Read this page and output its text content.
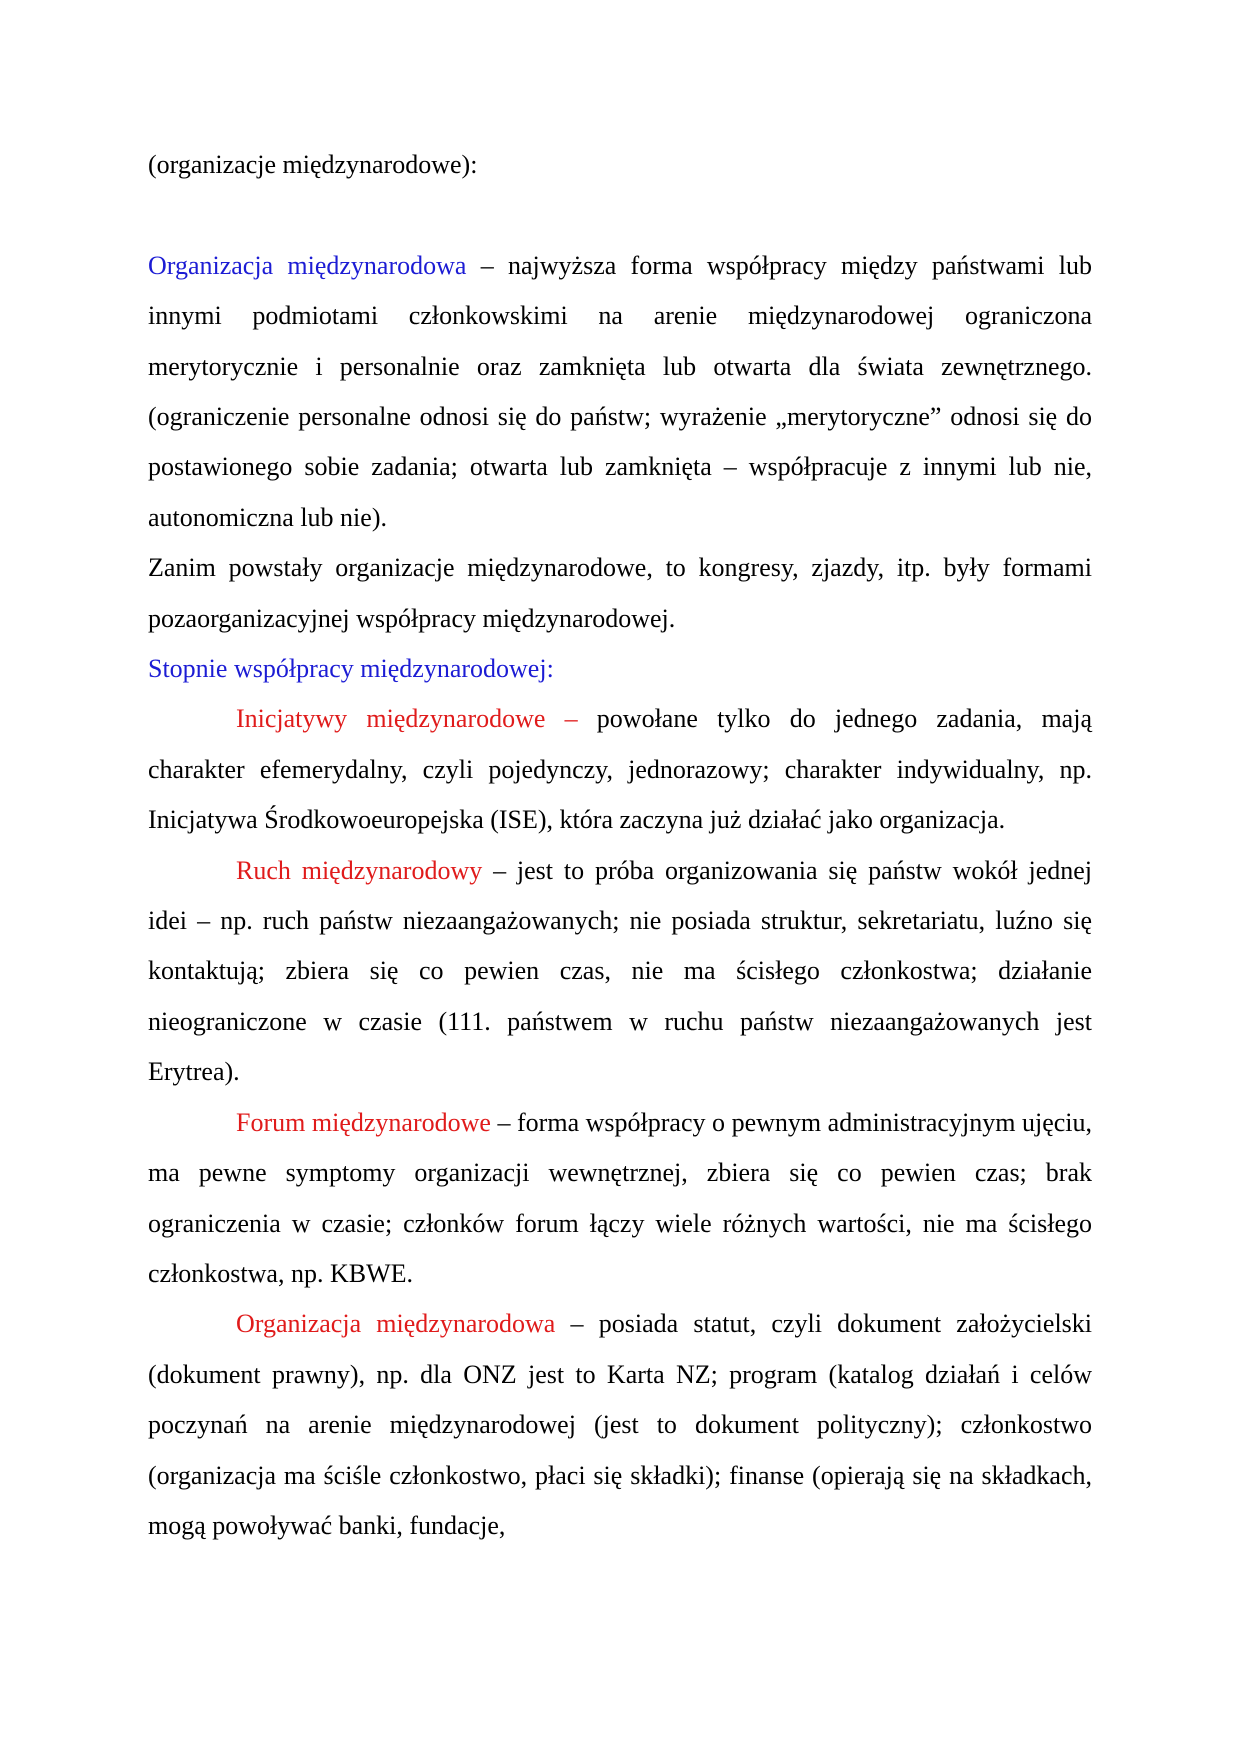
(organizacje międzynarodowe):

Organizacja międzynarodowa – najwyższa forma współpracy między państwami lub innymi podmiotami członkowskimi na arenie międzynarodowej ograniczona merytorycznie i personalnie oraz zamknięta lub otwarta dla świata zewnętrznego. (ograniczenie personalne odnosi się do państw; wyrażenie „merytoryczne” odnosi się do postawionego sobie zadania; otwarta lub zamknięta – współpracuje z innymi lub nie, autonomiczna lub nie).

Zanim powstały organizacje międzynarodowe, to kongresy, zjazdy, itp. były formami pozaorganizacyjnej współpracy międzynarodowej.

Stopnie współpracy międzynarodowej:

Inicjatywy międzynarodowe – powołane tylko do jednego zadania, mają charakter efemerydalny, czyli pojedynczy, jednorazowy; charakter indywidualny, np. Inicjatywa Środkowoeuropejska (ISE), która zaczyna już działać jako organizacja.

Ruch międzynarodowy – jest to próba organizowania się państw wokół jednej idei – np. ruch państw niezaangażowanych; nie posiada struktur, sekretariatu, luźno się kontaktują; zbiera się co pewien czas, nie ma ścisłego członkostwa; działanie nieograniczone w czasie (111. państwem w ruchu państw niezaangażowanych jest Erytrea).

Forum międzynarodowe – forma współpracy o pewnym administracyjnym ujęciu, ma pewne symptomy organizacji wewnętrznej, zbiera się co pewien czas; brak ograniczenia w czasie; członków forum łączy wiele różnych wartości, nie ma ścisłego członkostwa, np. KBWE.

Organizacja międzynarodowa – posiada statut, czyli dokument założycielski (dokument prawny), np. dla ONZ jest to Karta NZ; program (katalog działań i celów poczynań na arenie międzynarodowej (jest to dokument polityczny); członkostwo (organizacja ma ściśle członkostwo, płaci się składki); finanse (opierają się na składkach, mogą powoływać banki, fundacje,
